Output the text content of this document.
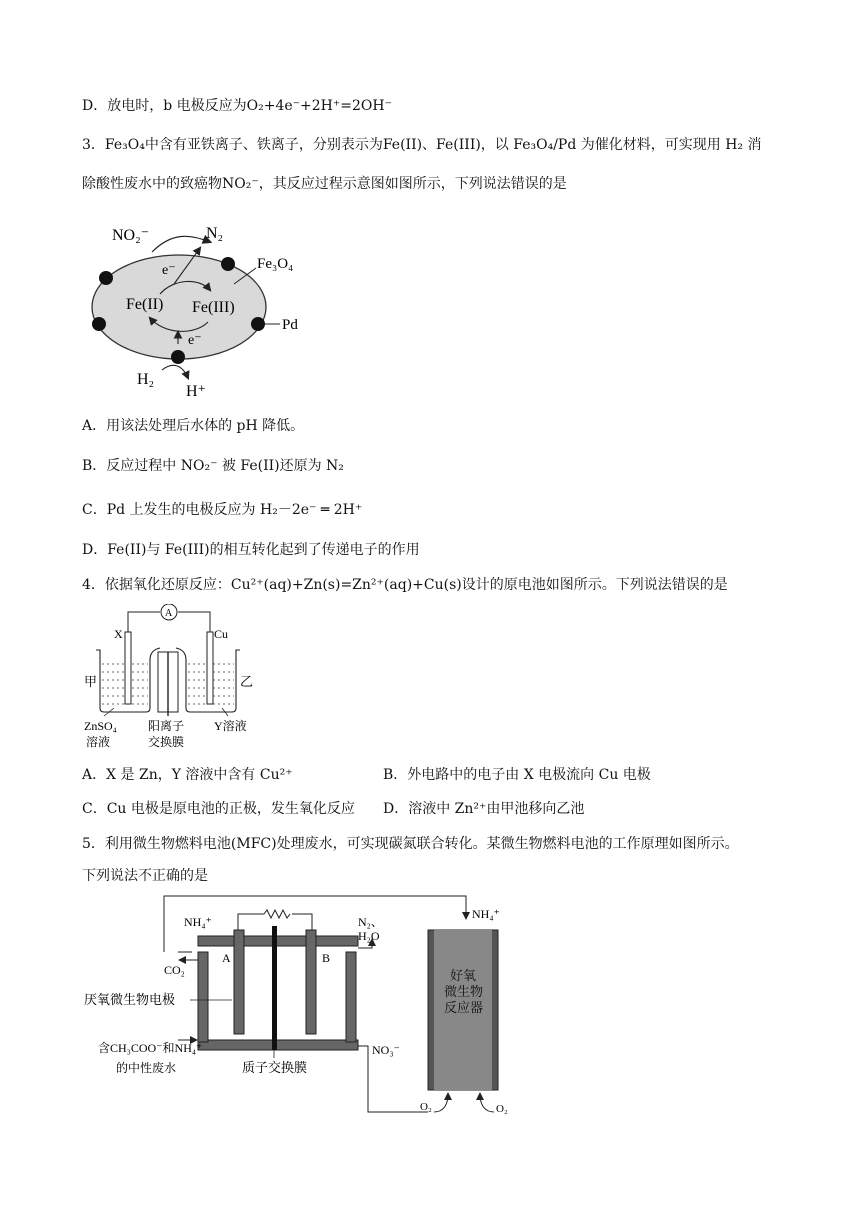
D．放电时，b 电极反应为O₂+4e⁻+2H⁺=2OH⁻
3．Fe₃O₄中含有亚铁离子、铁离子，分别表示为Fe(II)、Fe(III)，以 Fe₃O₄/Pd 为催化材料，可实现用 H₂ 消
除酸性废水中的致癌物NO₂⁻，其反应过程示意图如图所示，下列说法错误的是
NO₂⁻	N₂
Fe₃O₄
e⁻
Fe(II) Fe(III)
Pd
e⁻
H₂
H⁺
A．用该法处理后水体的 pH 降低。
B．反应过程中 NO₂⁻ 被 Fe(II)还原为 N₂
C．Pd 上发生的电极反应为 H₂－2e⁻ ═ 2H⁺
D．Fe(II)与 Fe(III)的相互转化起到了传递电子的作用
4．依据氧化还原反应：Cu²⁺(aq)+Zn(s)=Zn²⁺(aq)+Cu(s)设计的原电池如图所示。下列说法错误的是
A
X	Cu
甲	乙
ZnSO₄
溶液
阳离子
交换膜
Y溶液
A．X 是 Zn，Y 溶液中含有 Cu²⁺	B．外电路中的电子由 X 电极流向 Cu 电极
C．Cu 电极是原电池的正极，发生氧化反应 D．溶液中 Zn²⁺由甲池移向乙池
5．利用微生物燃料电池(MFC)处理废水，可实现碳氮联合转化。某微生物燃料电池的工作原理如图所示。
下列说法不正确的是
好氧
微生物
反应器
NH₄⁺
CO₂
A	B
N₂、
H₂O
NH₄⁺
厌氧微生物电极
NO₃⁻
含CH₃COO⁻和NH₄⁺
的中性废水	质子交换膜
O₂	O₂
